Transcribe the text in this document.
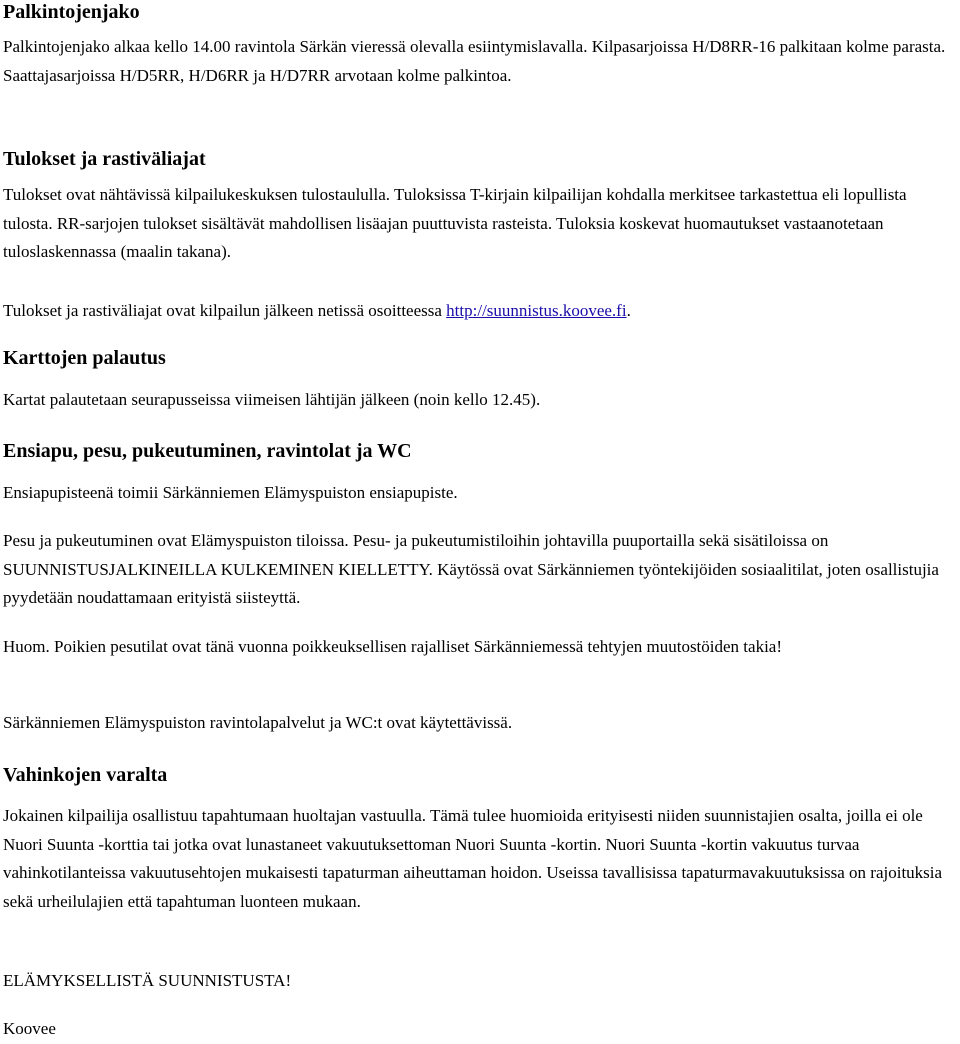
Palkintojenjako

Palkintojenjako alkaa kello 14.00 ravintola Särkän vieressä olevalla esiintymislavalla. Kilpasarjoissa H/D8RR-16 palkitaan kolme parasta. Saattajasarjoissa H/D5RR, H/D6RR ja H/D7RR arvotaan kolme palkintoa.

Tulokset ja rastiväliajat

Tulokset ovat nähtävissä kilpailukeskuksen tulostaululla. Tuloksissa T-kirjain kilpailijan kohdalla merkitsee tarkastettua eli lopullista tulosta. RR-sarjojen tulokset sisältävät mahdollisen lisäajan puuttuvista rasteista. Tuloksia koskevat huomautukset vastaanotetaan tuloslaskennassa (maalin takana).

Tulokset ja rastiväliajat ovat kilpailun jälkeen netissä osoitteessa http://suunnistus.koovee.fi.

Karttojen palautus

Kartat palautetaan seurapusseissa viimeisen lähtijän jälkeen (noin kello 12.45).

Ensiapu, pesu, pukeutuminen, ravintolat ja WC

Ensiapupisteenä toimii Särkänniemen Elämyspuiston ensiapupiste.

Pesu ja pukeutuminen ovat Elämyspuiston tiloissa. Pesu- ja pukeutumistiloihin johtavilla puuportailla sekä sisätiloissa on SUUNNISTUSJALKINEILLA KULKEMINEN KIELLETTY. Käytössä ovat Särkänniemen työntekijöiden sosiaalitilat, joten osallistujia pyydetään noudattamaan erityistä siisteyttä.

Huom. Poikien pesutilat ovat tänä vuonna poikkeuksellisen rajalliset Särkänniemessä tehtyjen muutostöiden takia!

Särkänniemen Elämyspuiston ravintolapalvelut ja WC:t ovat käytettävissä.

Vahinkojen varalta

Jokainen kilpailija osallistuu tapahtumaan huoltajan vastuulla. Tämä tulee huomioida erityisesti niiden suunnistajien osalta, joilla ei ole Nuori Suunta -korttia tai jotka ovat lunastaneet vakuutuksettoman Nuori Suunta -kortin. Nuori Suunta -kortin vakuutus turvaa vahinkotilanteissa vakuutusehtojen mukaisesti tapaturman aiheuttaman hoidon. Useissa tavallisissa tapaturmavakuutuksissa on rajoituksia sekä urheilulajien että tapahtuman luonteen mukaan.

ELÄMYKSELLISTÄ SUUNNISTUSTA!

Koovee
